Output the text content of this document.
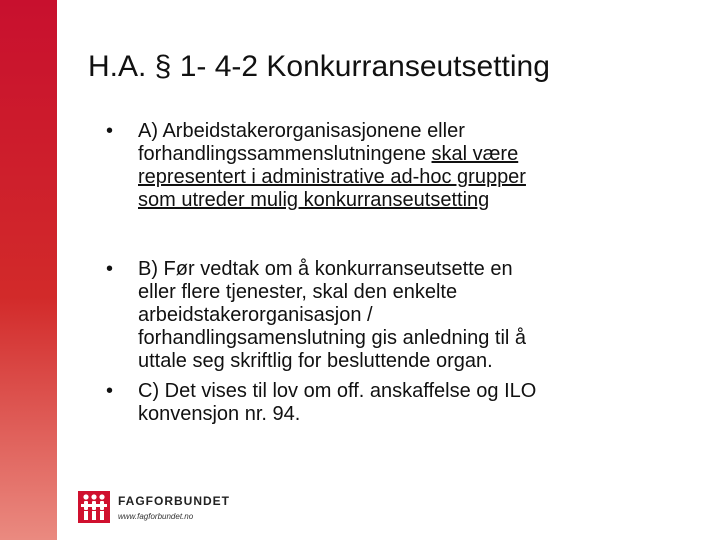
H.A. § 1- 4-2 Konkurranseutsetting
• A) Arbeidstakerorganisasjonene eller
forhandlingssammenslutningene skal være
representert i administrative ad-hoc grupper
som utreder mulig konkurranseutsetting
• B) Før vedtak om å konkurranseutsette en
eller flere tjenester, skal den enkelte
arbeidstakerorganisasjon /
forhandlingsamenslutning gis anledning til å
uttale seg skriftlig for besluttende organ.
• C) Det vises til lov om off. anskaffelse og ILO
konvensjon nr. 94.
FAGFORBUNDET
www.fagforbundet.no
